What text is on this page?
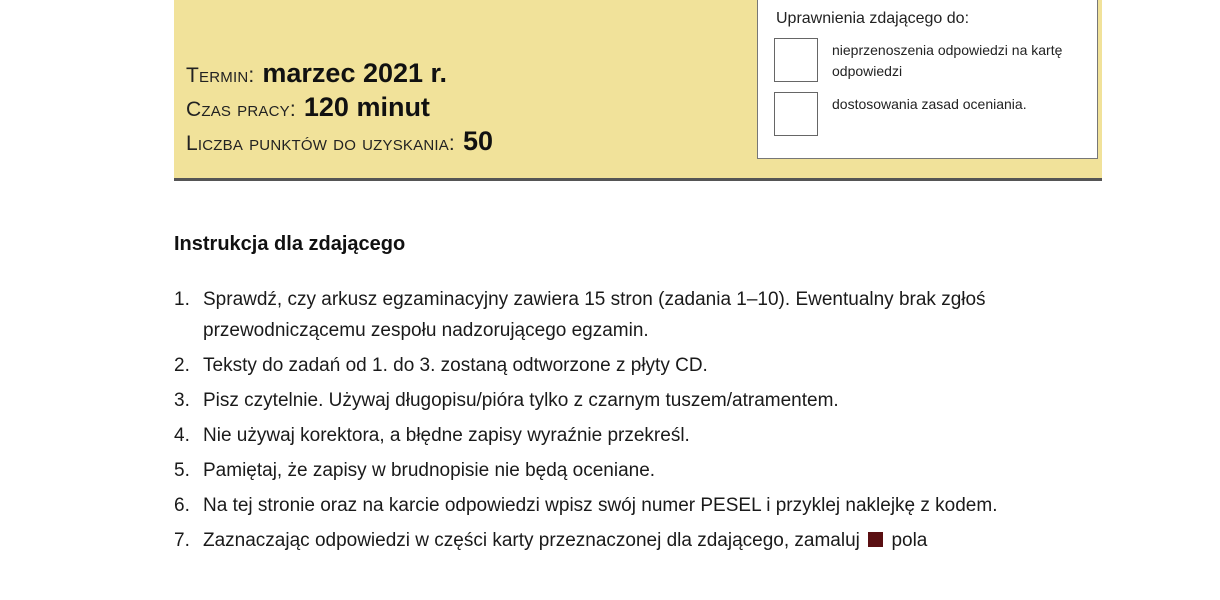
Termin: marzec 2021 r.
Czas pracy: 120 minut
Liczba punktów do uzyskania: 50
Uprawnienia zdającego do:
nieprzenoszenia odpowiedzi na kartę odpowiedzi
dostosowania zasad oceniania.
Instrukcja dla zdającego
1. Sprawdź, czy arkusz egzaminacyjny zawiera 15 stron (zadania 1–10). Ewentualny brak zgłoś przewodniczącemu zespołu nadzorującego egzamin.
2. Teksty do zadań od 1. do 3. zostaną odtworzone z płyty CD.
3. Pisz czytelnie. Używaj długopisu/pióra tylko z czarnym tuszem/atramentem.
4. Nie używaj korektora, a błędne zapisy wyraźnie przekreśl.
5. Pamiętaj, że zapisy w brudnopisie nie będą oceniane.
6. Na tej stronie oraz na karcie odpowiedzi wpisz swój numer PESEL i przyklej naklejkę z kodem.
7. Zaznaczając odpowiedzi w części karty przeznaczonej dla zdającego, zamaluj pola
